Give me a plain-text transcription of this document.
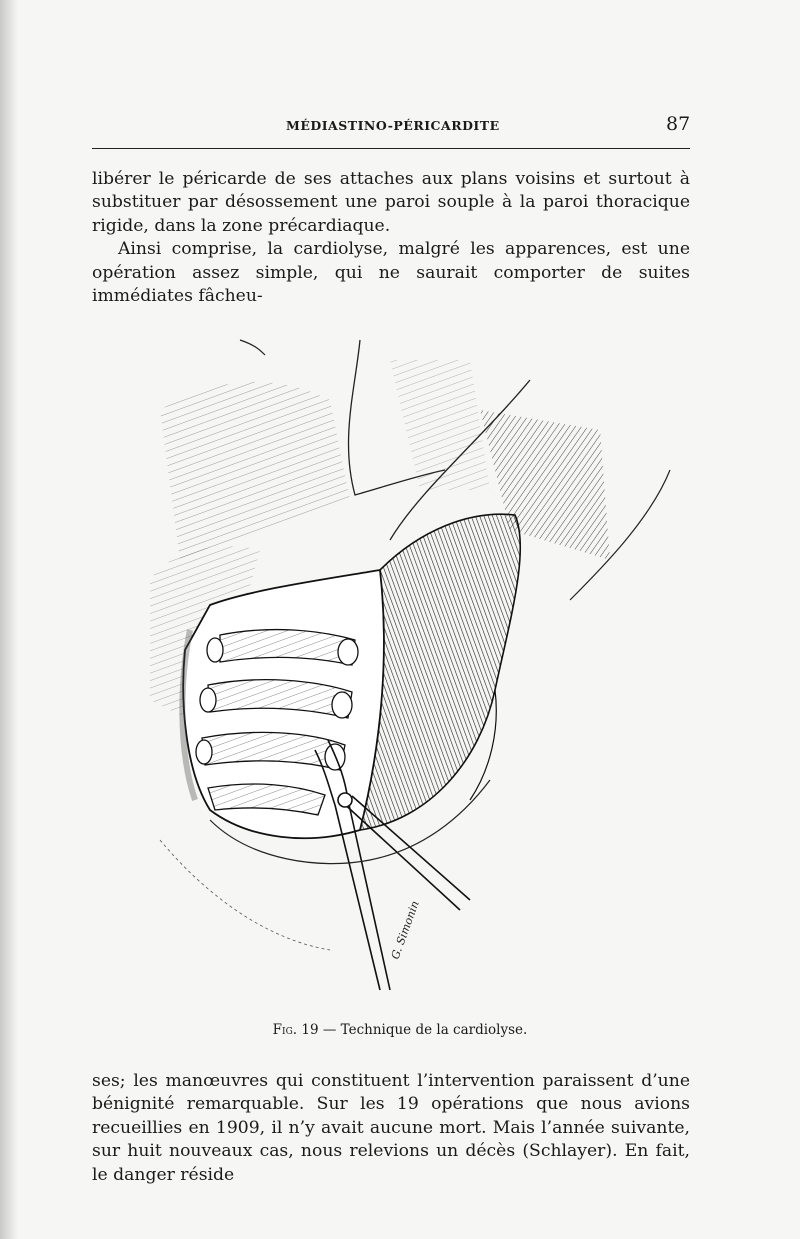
MÉDIASTINO-PÉRICARDITE	87

libérer le péricarde de ses attaches aux plans voisins et surtout à substituer par désossement une paroi souple à la paroi thoracique rigide, dans la zone précardiaque.

Ainsi comprise, la cardiolyse, malgré les apparences, est une opération assez simple, qui ne saurait comporter de suites immédiates fâcheu-

G. Simonin
Fig. 19 — Technique de la cardiolyse.

ses; les manœuvres qui constituent l’intervention paraissent d’une bénignité remarquable. Sur les 19 opérations que nous avions recueillies en 1909, il n’y avait aucune mort. Mais l’année suivante, sur huit nouveaux cas, nous relevions un décès (Schlayer). En fait, le danger réside
